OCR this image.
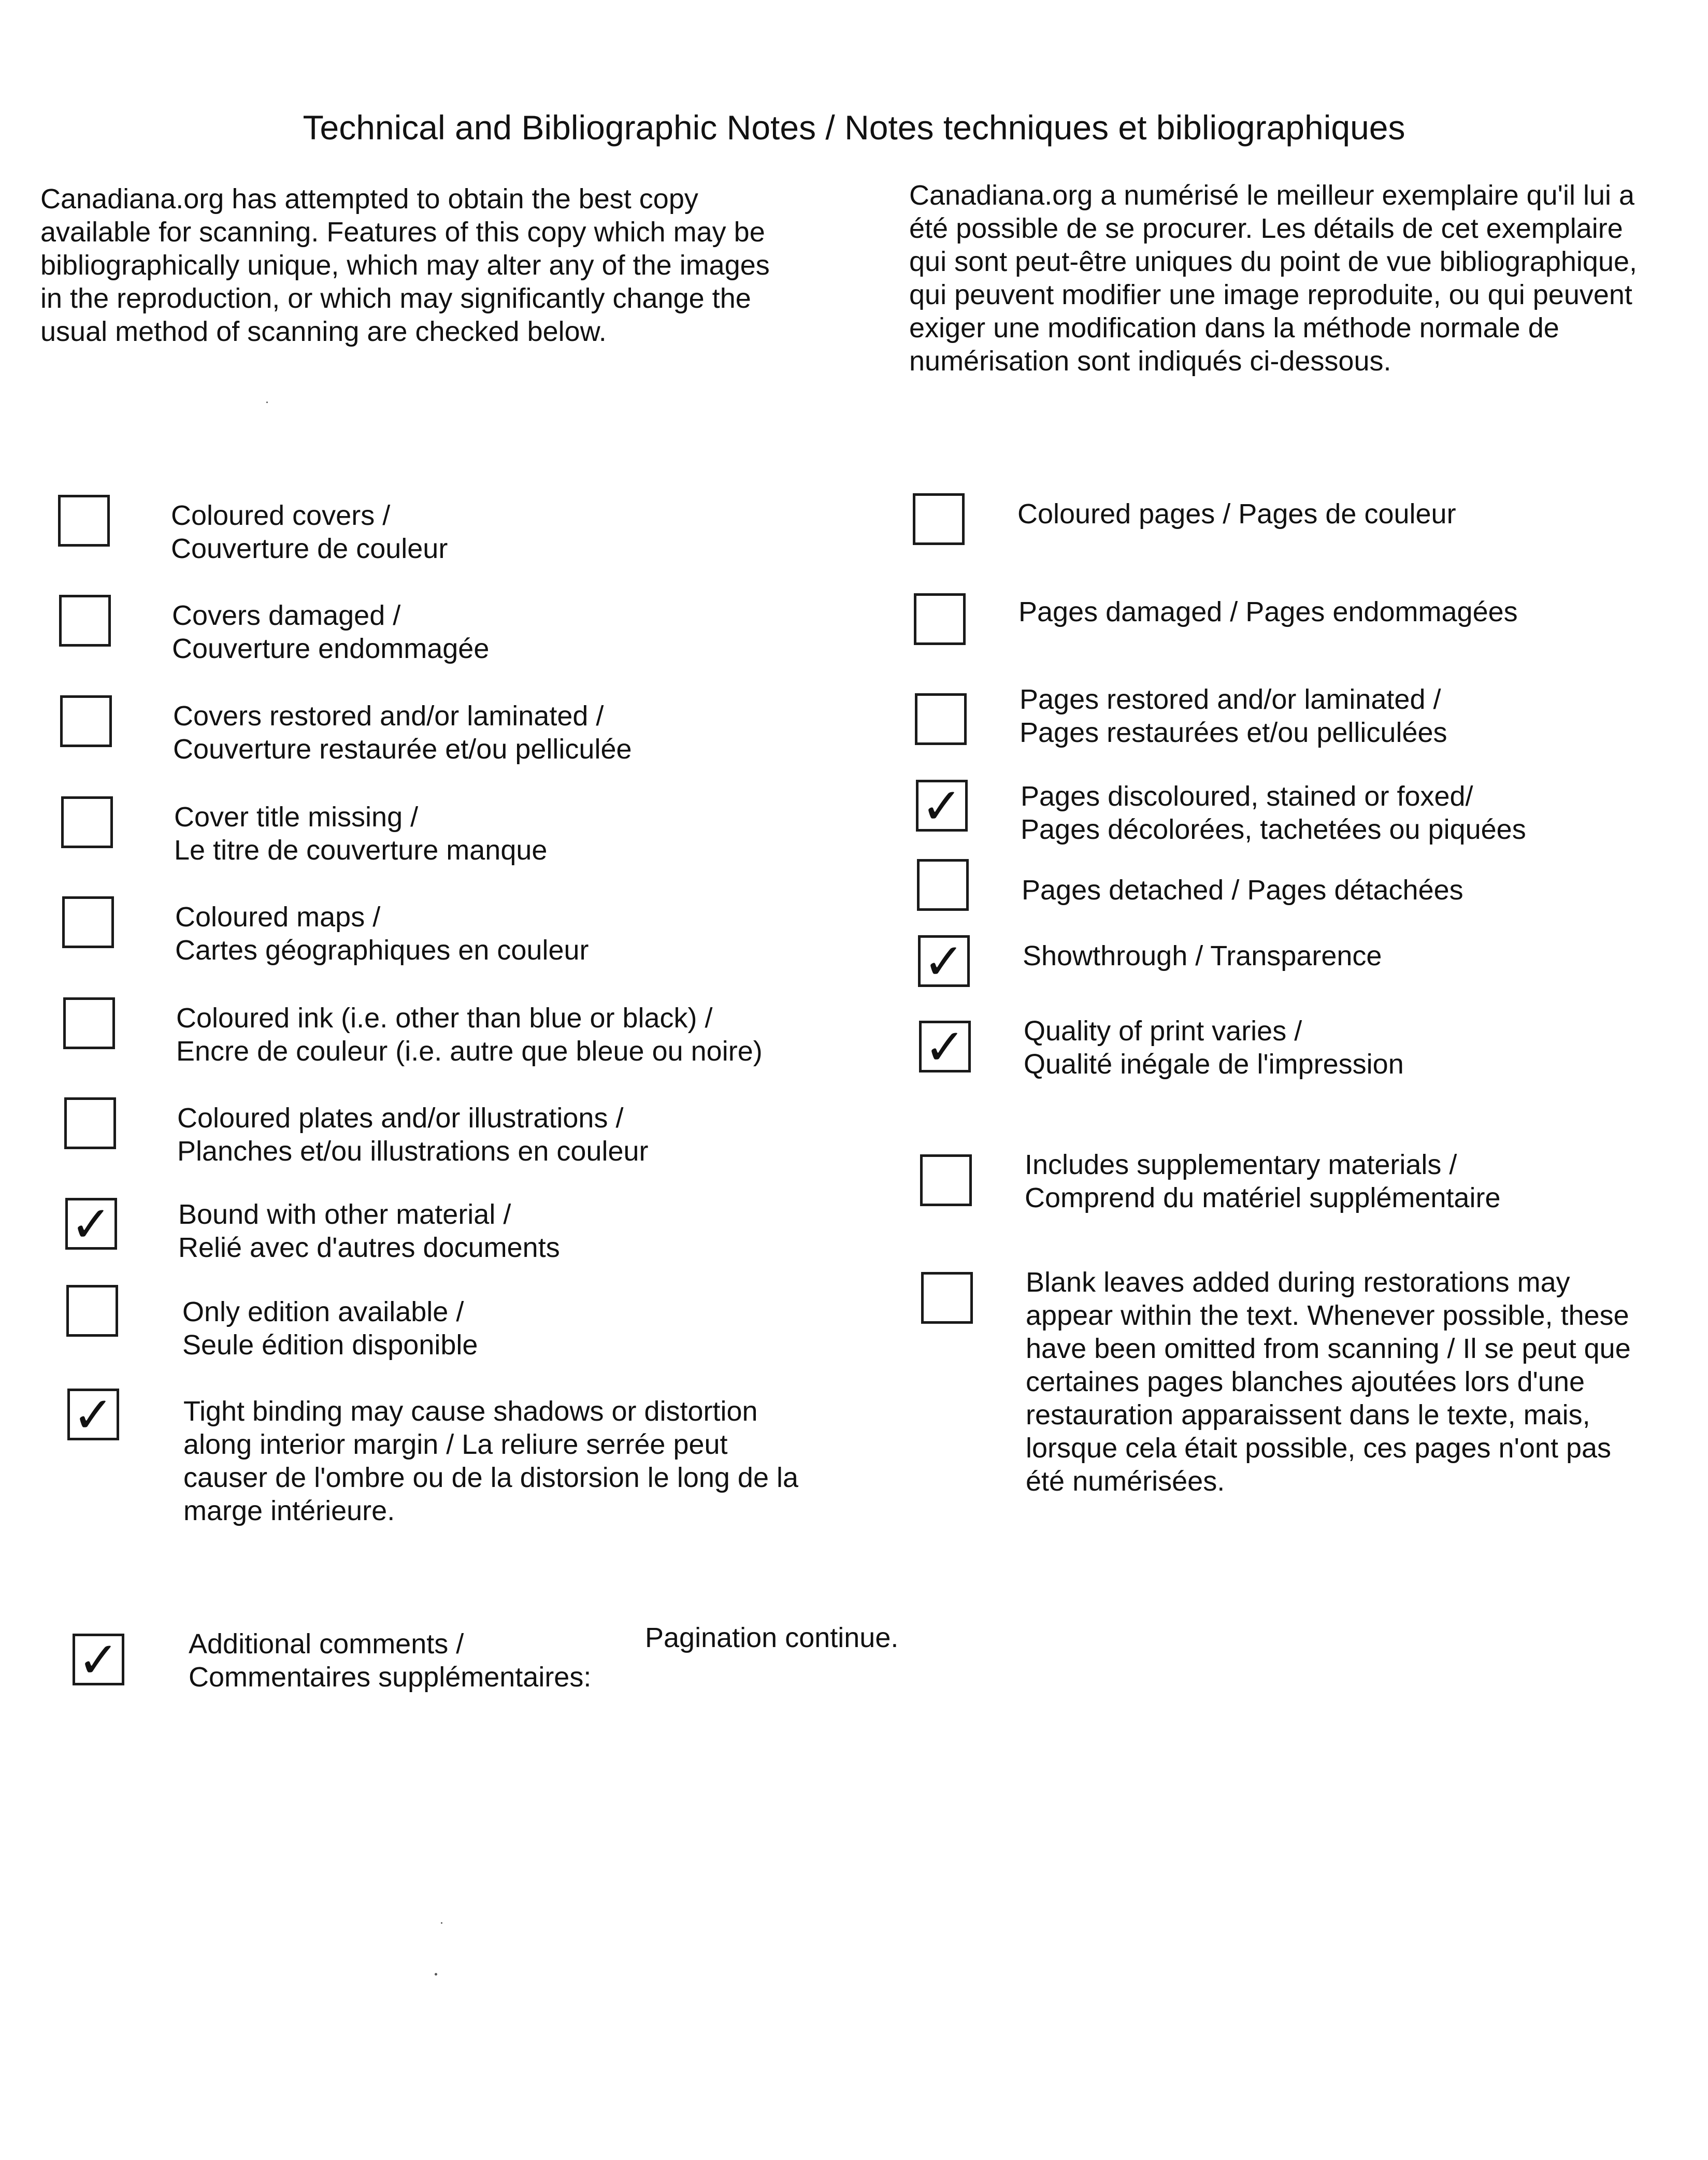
Technical and Bibliographic Notes / Notes techniques et bibliographiques
Canadiana.org has attempted to obtain the best copy
available for scanning. Features of this copy which may be
bibliographically unique, which may alter any of the images
in the reproduction, or which may significantly change the
usual method of scanning are checked below.
Canadiana.org a numérisé le meilleur exemplaire qu'il lui a
été possible de se procurer. Les détails de cet exemplaire
qui sont peut-être uniques du point de vue bibliographique,
qui peuvent modifier une image reproduite, ou qui peuvent
exiger une modification dans la méthode normale de
numérisation sont indiqués ci-dessous.
Coloured covers /
Couverture de couleur
Covers damaged /
Couverture endommagée
Covers restored and/or laminated /
Couverture restaurée et/ou pelliculée
Cover title missing /
Le titre de couverture manque
Coloured maps /
Cartes géographiques en couleur
Coloured ink (i.e. other than blue or black) /
Encre de couleur (i.e. autre que bleue ou noire)
Coloured plates and/or illustrations /
Planches et/ou illustrations en couleur
✓
Bound with other material /
Relié avec d'autres documents
Only edition available /
Seule édition disponible
✓
Tight binding may cause shadows or distortion
along interior margin / La reliure serrée peut
causer de l'ombre ou de la distorsion le long de la
marge intérieure.
Coloured pages / Pages de couleur
Pages damaged / Pages endommagées
Pages restored and/or laminated /
Pages restaurées et/ou pelliculées
✓
Pages discoloured, stained or foxed/
Pages décolorées, tachetées ou piquées
Pages detached / Pages détachées
✓
Showthrough / Transparence
✓
Quality of print varies /
Qualité inégale de l'impression
Includes supplementary materials /
Comprend du matériel supplémentaire
Blank leaves added during restorations may
appear within the text. Whenever possible, these
have been omitted from scanning / Il se peut que
certaines pages blanches ajoutées lors d'une
restauration apparaissent dans le texte, mais,
lorsque cela était possible, ces pages n'ont pas
été numérisées.
✓
Additional comments /
Commentaires supplémentaires:
Pagination continue.
